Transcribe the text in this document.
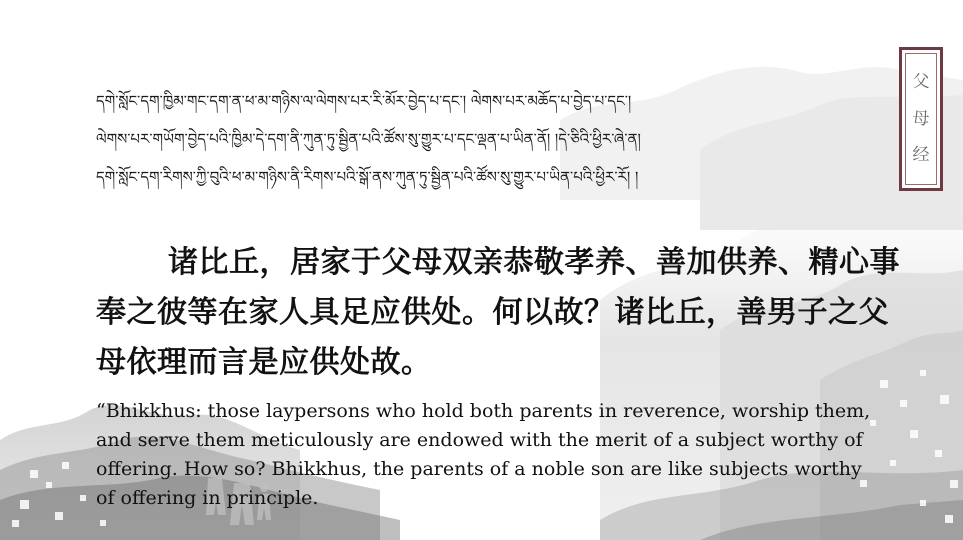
དགེ་སློང་དག་ཁྱིམ་གང་དག་ན་ཕ་མ་གཉིས་ལ་ལེགས་པར་རི་མོར་བྱེད་པ་དང་། ལེགས་པར་མཆོད་པ་བྱེད་པ་དང་།
ལེགས་པར་གཡོག་བྱེད་པའི་ཁྱིམ་དེ་དག་ནི་ཀུན་ཏུ་སྦྱིན་པའི་ཚོས་སུ་གྱུར་པ་དང་ལྡན་པ་ཡིན་ནོ། །དེ་ཅིའི་ཕྱིར་ཞེ་ན།
དགེ་སློང་དག་རིགས་ཀྱི་བུའི་ཕ་མ་གཉིས་ནི་རིགས་པའི་སྒོ་ནས་ཀུན་ཏུ་སྦྱིན་པའི་ཚོས་སུ་གྱུར་པ་ཡིན་པའི་ཕྱིར་རོ། །
诸比丘，居家于父母双亲恭敬孝养、善加供养、精心事奉之彼等在家人具足应供处。何以故？诸比丘，善男子之父母依理而言是应供处故。
“Bhikkhus: those laypersons who hold both parents in reverence, worship them, and serve them meticulously are endowed with the merit of a subject worthy of offering. How so? Bhikkhus, the parents of a noble son are like subjects worthy of offering in principle.
父
母
经
